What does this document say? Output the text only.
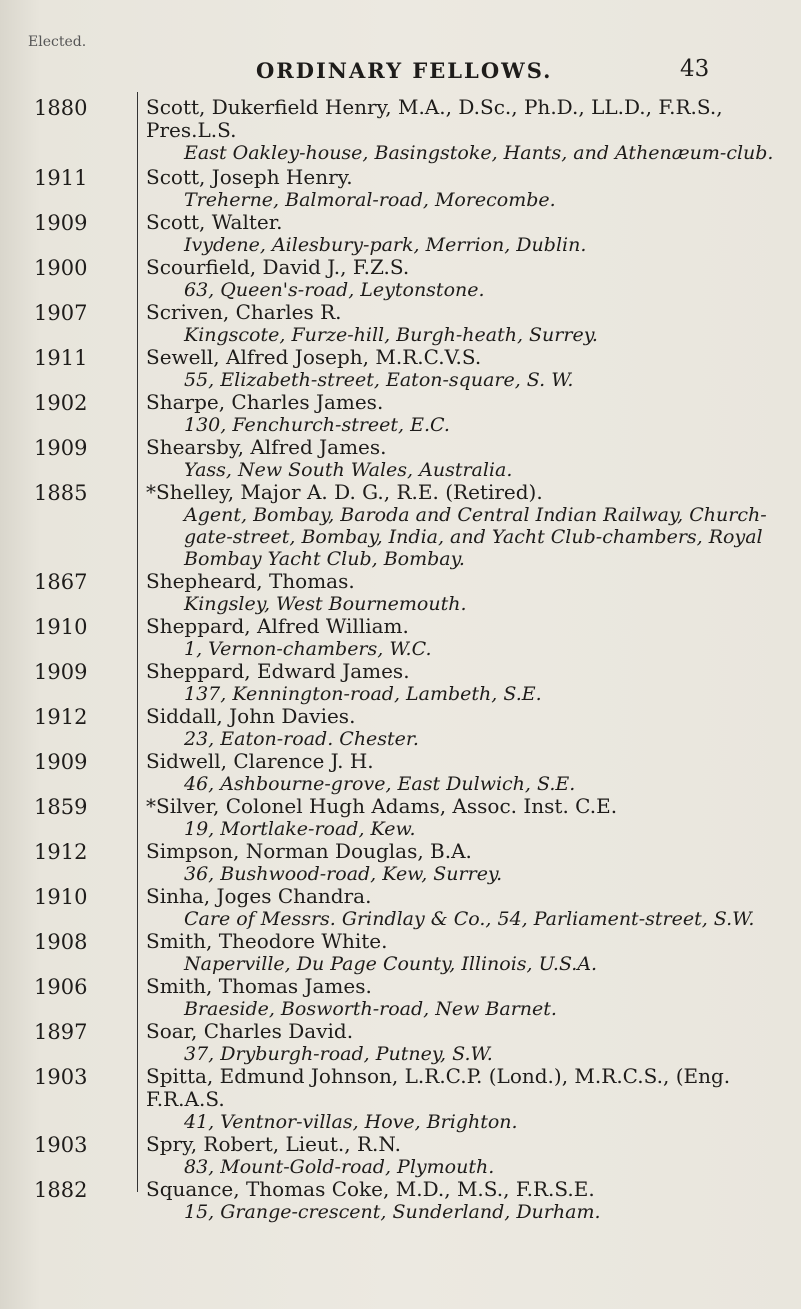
Elected.
ORDINARY FELLOWS.	43
1880	Scott, Dukerfield Henry, M.A., D.Sc., Ph.D., LL.D., F.R.S., Pres.L.S.
East Oakley-house, Basingstoke, Hants, and Athenæum-club.
1911	Scott, Joseph Henry.
Treherne, Balmoral-road, Morecombe.
1909	Scott, Walter.
Ivydene, Ailesbury-park, Merrion, Dublin.
1900	Scourfield, David J., F.Z.S.
63, Queen's-road, Leytonstone.
1907	Scriven, Charles R.
Kingscote, Furze-hill, Burgh-heath, Surrey.
1911	Sewell, Alfred Joseph, M.R.C.V.S.
55, Elizabeth-street, Eaton-square, S. W.
1902	Sharpe, Charles James.
130, Fenchurch-street, E.C.
1909	Shearsby, Alfred James.
Yass, New South Wales, Australia.
1885	*Shelley, Major A. D. G., R.E. (Retired).
Agent, Bombay, Baroda and Central Indian Railway, Church-gate-street, Bombay, India, and Yacht Club-chambers, Royal Bombay Yacht Club, Bombay.
1867	Shepheard, Thomas.
Kingsley, West Bournemouth.
1910	Sheppard, Alfred William.
1, Vernon-chambers, W.C.
1909	Sheppard, Edward James.
137, Kennington-road, Lambeth, S.E.
1912	Siddall, John Davies.
23, Eaton-road. Chester.
1909	Sidwell, Clarence J. H.
46, Ashbourne-grove, East Dulwich, S.E.
1859	*Silver, Colonel Hugh Adams, Assoc. Inst. C.E.
19, Mortlake-road, Kew.
1912	Simpson, Norman Douglas, B.A.
36, Bushwood-road, Kew, Surrey.
1910	Sinha, Joges Chandra.
Care of Messrs. Grindlay & Co., 54, Parliament-street, S.W.
1908	Smith, Theodore White.
Naperville, Du Page County, Illinois, U.S.A.
1906	Smith, Thomas James.
Braeside, Bosworth-road, New Barnet.
1897	Soar, Charles David.
37, Dryburgh-road, Putney, S.W.
1903	Spitta, Edmund Johnson, L.R.C.P. (Lond.), M.R.C.S., (Eng. F.R.A.S.
41, Ventnor-villas, Hove, Brighton.
1903	Spry, Robert, Lieut., R.N.
83, Mount-Gold-road, Plymouth.
1882	Squance, Thomas Coke, M.D., M.S., F.R.S.E.
15, Grange-crescent, Sunderland, Durham.
